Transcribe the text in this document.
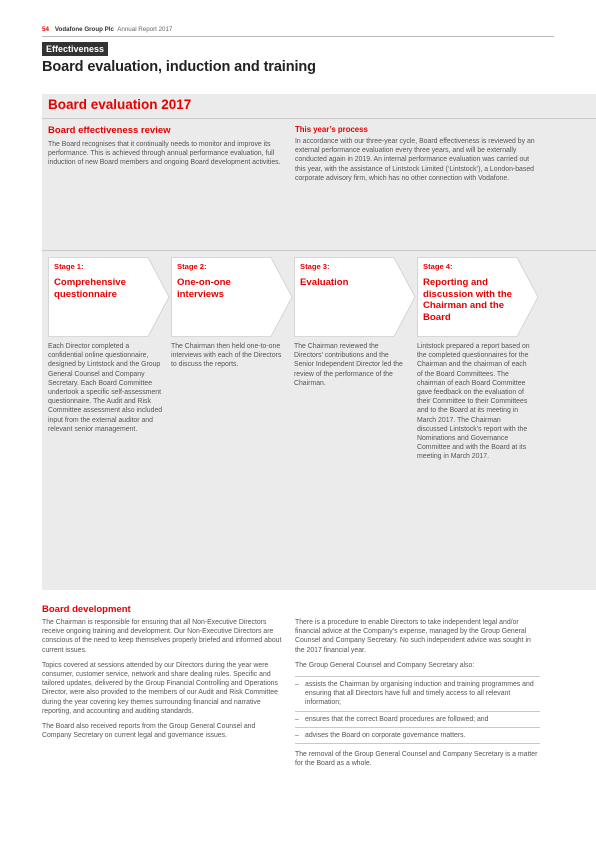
54 Vodafone Group Plc Annual Report 2017
Effectiveness
Board evaluation, induction and training
Board evaluation 2017
Board effectiveness review
The Board recognises that it continually needs to monitor and improve its performance. This is achieved through annual performance evaluation, full induction of new Board members and ongoing Board development activities.
This year’s process
In accordance with our three-year cycle, Board effectiveness is reviewed by an external performance evaluation every three years, and will be externally conducted again in 2019. An internal performance evaluation was carried out this year, with the assistance of Lintstock Limited (‘Lintstock’), a London-based corporate advisory firm, which has no other connection with Vodafone.
Stage 1:
Comprehensive questionnaire
Stage 2:
One-on-one interviews
Stage 3:
Evaluation
Stage 4:
Reporting and discussion with the Chairman and the Board
Each Director completed a confidential online questionnaire, designed by Lintstock and the Group General Counsel and Company Secretary. Each Board Committee undertook a specific self-assessment questionnaire. The Audit and Risk Committee assessment also included input from the external auditor and relevant senior management.
The Chairman then held one-to-one interviews with each of the Directors to discuss the reports.
The Chairman reviewed the Directors’ contributions and the Senior Independent Director led the review of the performance of the Chairman.
Lintstock prepared a report based on the completed questionnaires for the Chairman and the chairman of each of the Board Committees. The chairman of each Board Committee gave feedback on the evaluation of their Committee to their Committees and to the Board at its meeting in March 2017. The Chairman discussed Lintstock’s report with the Nominations and Governance Committee and with the Board at its meeting in March 2017.
Board development

The Chairman is responsible for ensuring that all Non-Executive Directors receive ongoing training and development. Our Non-Executive Directors are conscious of the need to keep themselves properly briefed and informed about current issues.

Topics covered at sessions attended by our Directors during the year were consumer, customer service, network and share dealing rules. Specific and tailored updates, delivered by the Group Financial Controlling and Operations Director, were also provided to the members of our Audit and Risk Committee during the year covering key themes surrounding financial and narrative reporting, and accounting and auditing standards.

The Board also received reports from the Group General Counsel and Company Secretary on current legal and governance issues.

There is a procedure to enable Directors to take independent legal and/or financial advice at the Company’s expense, managed by the Group General Counsel and Company Secretary. No such independent advice was sought in the 2017 financial year.

The Group General Counsel and Company Secretary also:

– assists the Chairman by organising induction and training programmes and ensuring that all Directors have full and timely access to all relevant information;
– ensures that the correct Board procedures are followed; and
– advises the Board on corporate governance matters.

The removal of the Group General Counsel and Company Secretary is a matter for the Board as a whole.
